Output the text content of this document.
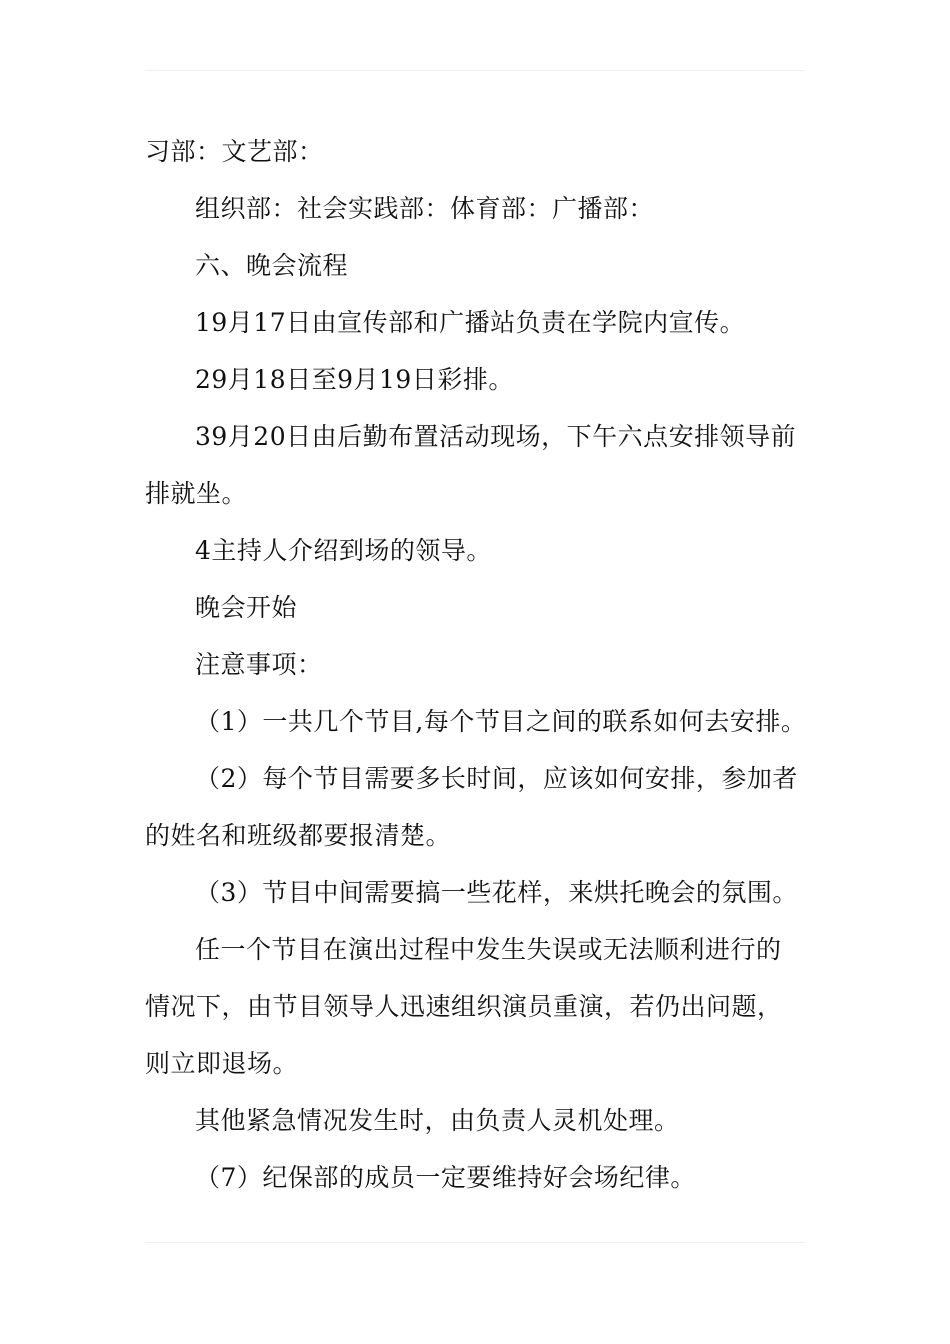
习部：文艺部：
组织部：社会实践部：体育部：广播部：
六、晚会流程
19月17日由宣传部和广播站负责在学院内宣传。
29月18日至9月19日彩排。
39月20日由后勤布置活动现场，下午六点安排领导前
排就坐。
4主持人介绍到场的领导。
晚会开始
注意事项：
（1）一共几个节目,每个节目之间的联系如何去安排。
（2）每个节目需要多长时间，应该如何安排，参加者
的姓名和班级都要报清楚。
（3）节目中间需要搞一些花样，来烘托晚会的氛围。
任一个节目在演出过程中发生失误或无法顺利进行的
情况下，由节目领导人迅速组织演员重演，若仍出问题，
则立即退场。
其他紧急情况发生时，由负责人灵机处理。
（7）纪保部的成员一定要维持好会场纪律。
